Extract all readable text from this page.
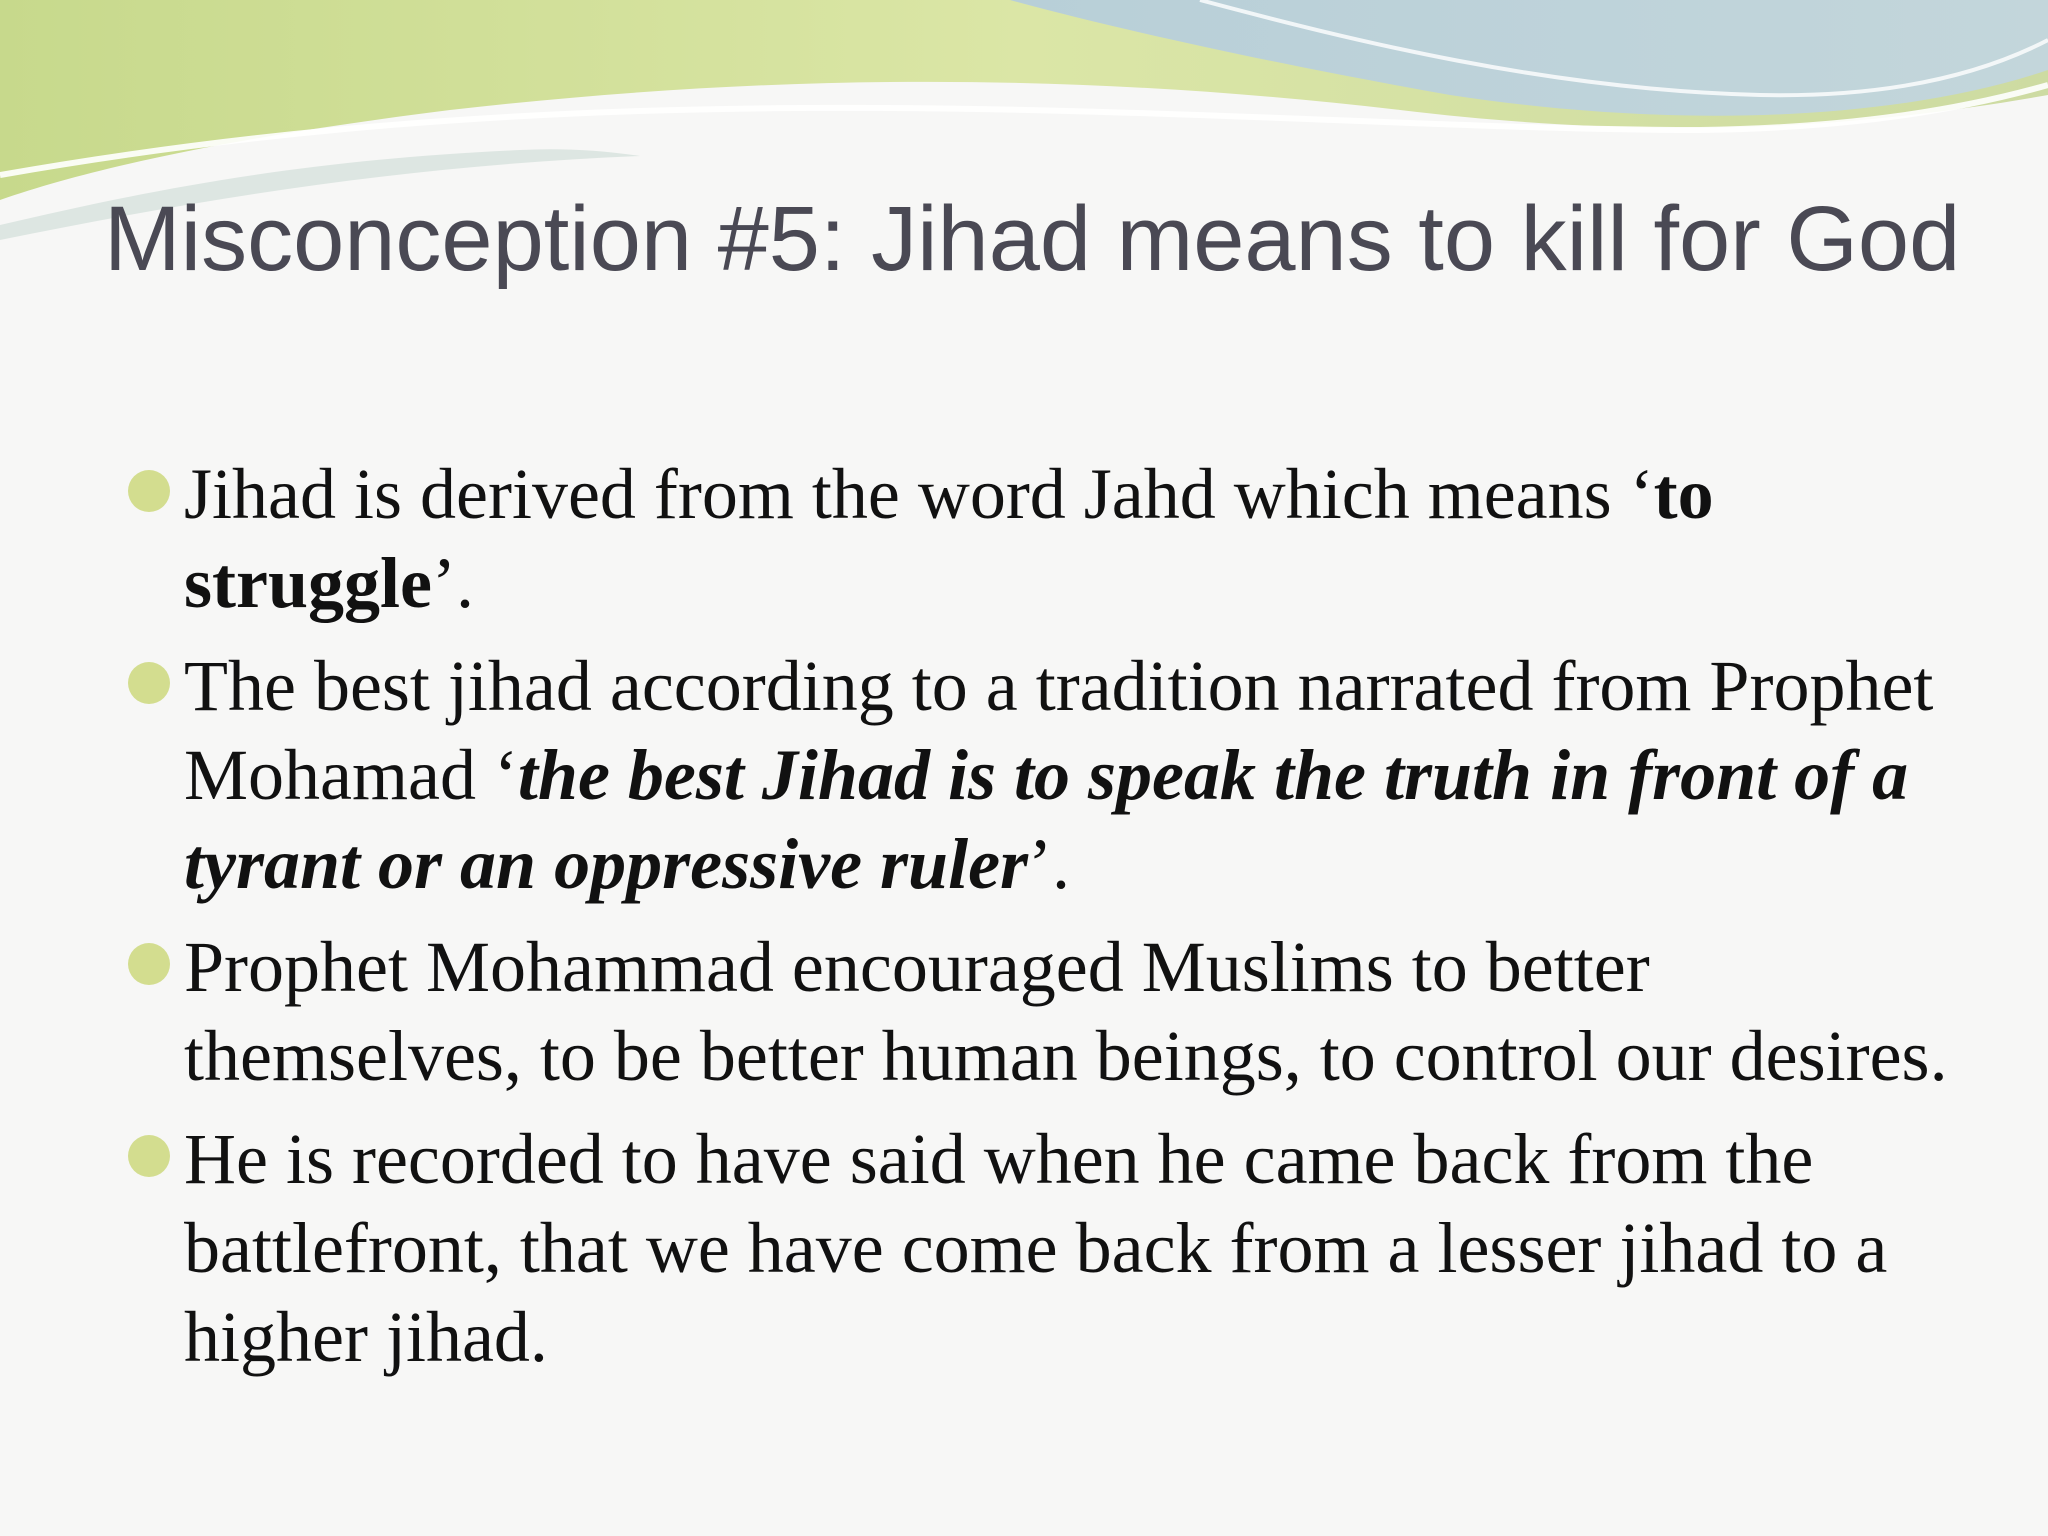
Misconception #5: Jihad means to kill for God
Jihad is derived from the word Jahd which means ‘to struggle’.
The best jihad according to a tradition narrated from Prophet Mohamad ‘the best Jihad is to speak the truth in front of a tyrant or an oppressive ruler’.
Prophet Mohammad encouraged Muslims to better themselves, to be better human beings, to control our desires.
He is recorded to have said when he came back from the battlefront, that we have come back from a lesser jihad to a higher jihad.
